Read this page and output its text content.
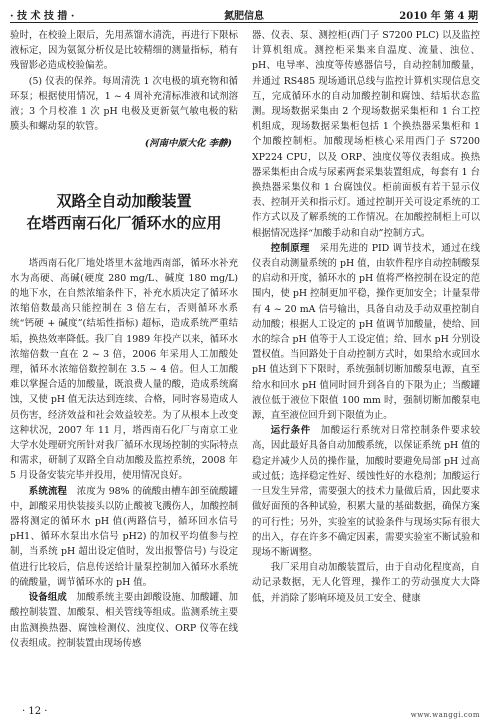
· 技 术 技 措 ·	氮肥信息	2010 年 第 4 期

验时，在校验上限后，先用蒸馏水清洗，再进行下限标液标定，因为氨氮分析仪是比较精细的测量指标，稍有残留影必造成校验偏差。

(5) 仪表的保养。每周清洗 1 次电极的填充物和循环泵；根据使用情况，1 ~ 4 周补充清标准液和试剂溶液；3 个月校准 1 次 pH 电极及更新氨气敏电极的粘膜头和螺动泵的软管。

(河南中原大化 李静)
双路全自动加酸装置
在塔西南石化厂循环水的应用

塔西南石化厂地处塔里木盆地西南部，循环水补充水为高硬、高碱(硬度 280 mg/L、碱度 180 mg/L) 的地下水，在自然浓缩条件下，补充水质决定了循环水浓缩倍数最高只能控制在 3 倍左右，否则循环水系统“钙硬 + 碱度”(结垢性指标) 超标，造成系统严重结垢，换热效率降低。我厂自 1989 年投产以来，循环水浓缩倍数一直在 2 ~ 3 倍，2006 年采用人工加酸处理，循环水浓缩倍数控制在 3.5 ~ 4 倍。但人工加酸难以掌握合适的加酸量，既浪费人量的酸，造成系统腐蚀，又使 pH 值无法达到连续、合格，同时容易造成人员伤害，经济效益和社会效益较差。为了从根本上改变这种状况，2007 年 11 月，塔西南石化厂与南京工业大学水处理研究所针对我厂循环水现场控制的实际特点和需求，研制了双路全自动加酸及监控系统，2008 年 5 月设备安装完毕并投用，使用情况良好。

系统流程　 浓度为 98% 的硫酸由槽车卸至硫酸罐中，卸酸采用快装接头以防止酸被飞溅伤人，加酸控制器将测定的循环水 pH 值(两路信号，循环回水信号 pH1、循环水泵出水信号 pH2) 的加权平均值参与控制，当系统 pH 超出设定值时，发出报警信号) 与设定值进行比较后，信息传送给计量泵控制加入循环水系统的硫酸量，调节循环水的 pH 值。

设备组成　 加酸系统主要由卸酸设施、加酸罐、加酸控制装置、加酸泵、相关管线等组成。监测系统主要由监测换热器、腐蚀检测仪、浊度仪、ORP 仪等在线仪表组成。控制装置由现场传感

器、仪表、泵、测控柜(西门子 S7200 PLC) 以及监控计算机组成。测控柜采集来自温度、流量、浊位、pH、电导率、浊度等传感器信号，自动控制加酸量，并通过 RS485 现场通讯总线与监控计算机实现信息交互，完成循环水的自动加酸控制和腐蚀、结垢状态监测。现场数据采集由 2 个现场数据采集柜和 1 台工控机组成，现场数据采集柜包括 1 个换热器采集柜和 1 个加酸控制柜。加酸现场柜核心采用西门子 S7200 XP224 CPU，以及 ORP、浊度仪等仪表组成。换热器采集柜由合成与尿素两套采集装置组成，每套有 1 台换热器采集仪和 1 台腐蚀仪。柜前面板有若干显示仪表、控制开关和指示灯。通过控制开关可设定系统的工作方式以及了解系统的工作情况。在加酸控制柜上可以根据情况选择“加酸手动和自动”控制方式。

控制原理　 采用先进的 PID 调节技术，通过在线仪表自动测量系统的 pH 值，由软件程序自动控制酸泵的启动和开度，循环水的 pH 值将严格控制在设定的范围内，使 pH 控制更加平稳，操作更加安全；计量泵带有 4 ~ 20 mA 信号输出，具备自动及手动双重控制自动加酸；根据人工设定的 pH 值调节加酸量，使给、回水的综合 pH 值等于人工设定值；给、回水 pH 分别设置权值。当回路处于自动控制方式时，如果给水或回水 pH 值达到下下限时，系统强制切断加酸泵电源，直至给水和回水 pH 值同时回升到各自的下限为止；当酸罐液位低于液位下限值 100 mm 时，强制切断加酸泵电源，直至液位回升到下限值为止。

运行条件　 加酸运行系统对日常控制条件要求较高，因此最好具备自动加酸系统，以保证系统 pH 值的稳定并减少人员的操作量，加酸时要避免局部 pH 过高或过低；选择稳定性好、缓蚀性好的水稳剂；加酸运行一旦发生异常，需要强大的技术力量做后盾，因此要求做好面预的各种试验，积累大量的基础数据，确保方案的可行性；另外，实验室的试验条件与现场实际有很大的出入，存在许多不确定因素，需要实验室不断试验和现场不断调整。

我厂采用自动加酸装置后，由于自动化程度高，自动记录数据，无人化管理，操作工的劳动强度大大降低，并消除了影响环境及员工安全、健康

· 12 ·	www.wanggi.com
